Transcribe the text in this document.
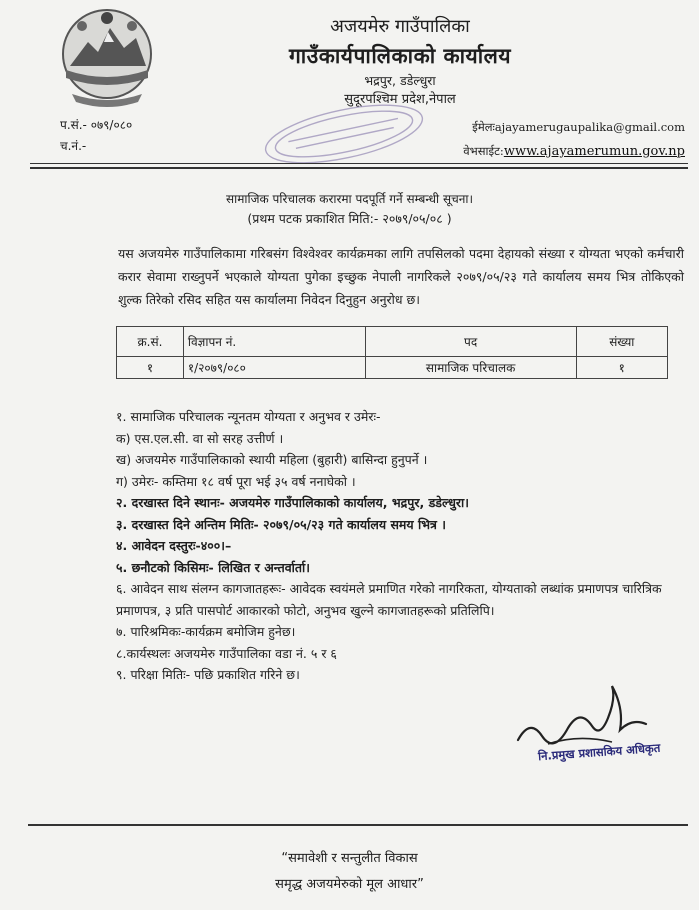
अजयमेरु गाउँपालिका
गाउँकार्यपालिकाको कार्यालय
भद्रपुर, डडेल्धुरा
सुदूरपश्चिम प्रदेश,नेपाल
प.सं.- ०७९/०८०
च.नं.-
ईमेलःajayamerugaupalika@gmail.com
वेभसाईट:www.ajayamerumun.gov.np
सामाजिक परिचालक करारमा पदपूर्ति गर्ने सम्बन्धी सूचना।
(प्रथम पटक प्रकाशित मिति:- २०७९/०५/०८ )
यस अजयमेरु गाउँपालिकामा गरिबसंग विश्वेश्वर कार्यक्रमका लागि तपसिलको पदमा देहायको संख्या र योग्यता भएको कर्मचारी करार सेवामा राख्नुपर्ने भएकाले योग्यता पुगेका इच्छुक नेपाली नागरिकले २०७९/०५/२३ गते कार्यालय समय भित्र तोकिएको शुल्क तिरेको रसिद सहित यस कार्यालमा निवेदन दिनुहुन अनुरोध छ।
क्र.सं.	विज्ञापन नं.	पद	संख्या
१	१/२०७९/०८०	सामाजिक परिचालक	१
१. सामाजिक परिचालक न्यूनतम योग्यता र अनुभव र उमेरः-
क) एस.एल.सी. वा सो सरह उत्तीर्ण ।
ख) अजयमेरु गाउँपालिकाको स्थायी महिला (बुहारी) बासिन्दा हुनुपर्ने ।
ग) उमेरः- कम्तिमा १८ वर्ष पूरा भई ३५ वर्ष ननाघेको ।
२. दरखास्त दिने स्थानः- अजयमेरु गाउँपालिकाको कार्यालय, भद्रपुर, डडेल्धुरा।
३. दरखास्त दिने अन्तिम मितिः- २०७९/०५/२३ गते कार्यालय समय भित्र ।
४. आवेदन दस्तुरः-४००।–
५. छनौटको किसिमः- लिखित र अन्तर्वार्ता।
६. आवेदन साथ संलग्न कागजातहरूः- आवेदक स्वयंमले प्रमाणित गरेको नागरिकता, योग्यताको लब्धांक प्रमाणपत्र चारित्रिक प्रमाणपत्र, ३ प्रति पासपोर्ट आकारको फोटो, अनुभव खुल्ने कागजातहरूको प्रतिलिपि।
७. पारिश्रमिकः-कार्यक्रम बमोजिम हुनेछ।
८.कार्यस्थलः अजयमेरु गाउँपालिका वडा नं. ५ र ६
९. परिक्षा मितिः- पछि प्रकाशित गरिने छ।
नि.प्रमुख प्रशासकिय अधिकृत
“समावेशी र सन्तुलीत विकास
समृद्ध अजयमेरुको मूल आधार”
